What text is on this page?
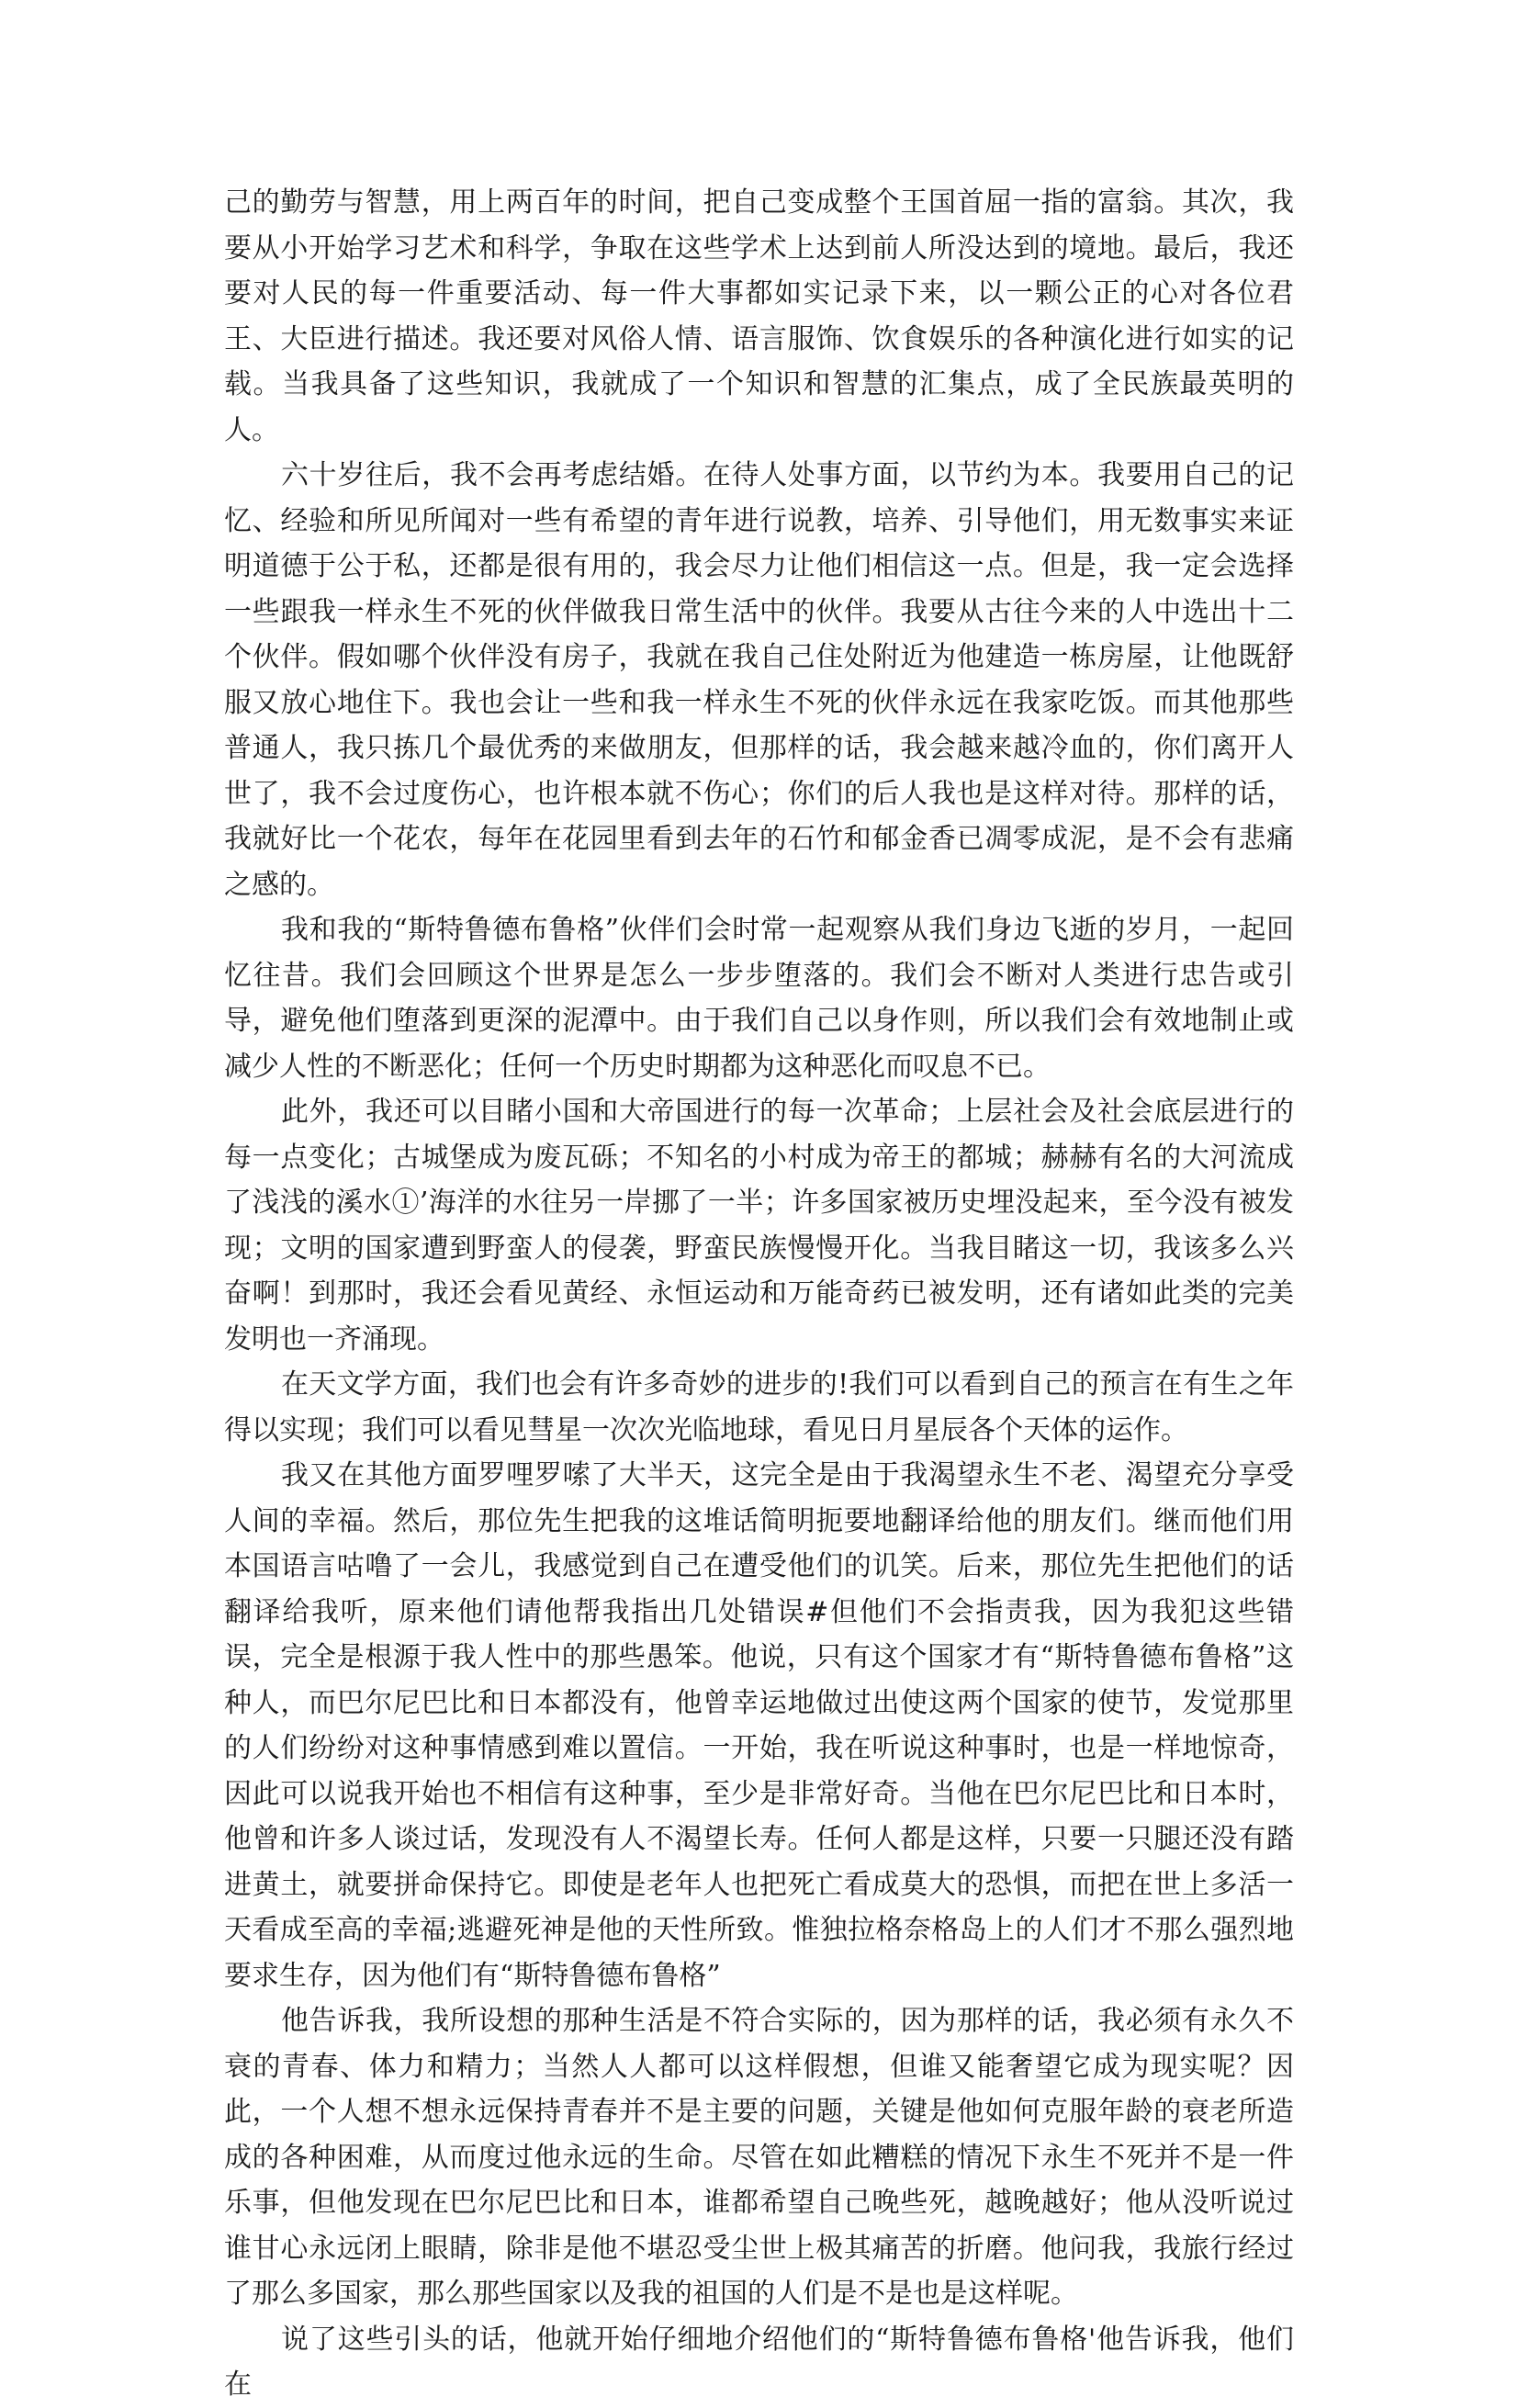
己的勤劳与智慧，用上两百年的时间，把自己变成整个王国首屈一指的富翁。其次，我要从小开始学习艺术和科学，争取在这些学术上达到前人所没达到的境地。最后，我还要对人民的每一件重要活动、每一件大事都如实记录下来，以一颗公正的心对各位君王、大臣进行描述。我还要对风俗人情、语言服饰、饮食娱乐的各种演化进行如实的记载。当我具备了这些知识，我就成了一个知识和智慧的汇集点，成了全民族最英明的人。

六十岁往后，我不会再考虑结婚。在待人处事方面，以节约为本。我要用自己的记忆、经验和所见所闻对一些有希望的青年进行说教，培养、引导他们，用无数事实来证明道德于公于私，还都是很有用的，我会尽力让他们相信这一点。但是，我一定会选择一些跟我一样永生不死的伙伴做我日常生活中的伙伴。我要从古往今来的人中选出十二个伙伴。假如哪个伙伴没有房子，我就在我自己住处附近为他建造一栋房屋，让他既舒服又放心地住下。我也会让一些和我一样永生不死的伙伴永远在我家吃饭。而其他那些普通人，我只拣几个最优秀的来做朋友，但那样的话，我会越来越冷血的，你们离开人世了，我不会过度伤心，也许根本就不伤心；你们的后人我也是这样对待。那样的话，我就好比一个花农，每年在花园里看到去年的石竹和郁金香已凋零成泥，是不会有悲痛之感的。

我和我的“斯特鲁德布鲁格”伙伴们会时常一起观察从我们身边飞逝的岁月，一起回忆往昔。我们会回顾这个世界是怎么一步步堕落的。我们会不断对人类进行忠告或引导，避免他们堕落到更深的泥潭中。由于我们自己以身作则，所以我们会有效地制止或减少人性的不断恶化；任何一个历史时期都为这种恶化而叹息不已。

此外，我还可以目睹小国和大帝国进行的每一次革命；上层社会及社会底层进行的每一点变化；古城堡成为废瓦砾；不知名的小村成为帝王的都城；赫赫有名的大河流成了浅浅的溪水①’海洋的水往另一岸挪了一半；许多国家被历史埋没起来，至今没有被发现；文明的国家遭到野蛮人的侵袭，野蛮民族慢慢开化。当我目睹这一切，我该多么兴奋啊！到那时，我还会看见黄经、永恒运动和万能奇药已被发明，还有诸如此类的完美发明也一齐涌现。

在天文学方面，我们也会有许多奇妙的进步的!我们可以看到自己的预言在有生之年得以实现；我们可以看见彗星一次次光临地球，看见日月星辰各个天体的运作。

我又在其他方面罗哩罗嗦了大半天，这完全是由于我渴望永生不老、渴望充分享受人间的幸福。然后，那位先生把我的这堆话简明扼要地翻译给他的朋友们。继而他们用本国语言咕噜了一会儿，我感觉到自己在遭受他们的讥笑。后来，那位先生把他们的话翻译给我听，原来他们请他帮我指出几处错误#但他们不会指责我，因为我犯这些错误，完全是根源于我人性中的那些愚笨。他说，只有这个国家才有“斯特鲁德布鲁格”这种人，而巴尔尼巴比和日本都没有，他曾幸运地做过出使这两个国家的使节，发觉那里的人们纷纷对这种事情感到难以置信。一开始，我在听说这种事时，也是一样地惊奇，因此可以说我开始也不相信有这种事，至少是非常好奇。当他在巴尔尼巴比和日本时，他曾和许多人谈过话，发现没有人不渴望长寿。任何人都是这样，只要一只腿还没有踏进黄土，就要拼命保持它。即使是老年人也把死亡看成莫大的恐惧，而把在世上多活一天看成至高的幸福;逃避死神是他的天性所致。惟独拉格奈格岛上的人们才不那么强烈地要求生存，因为他们有“斯特鲁德布鲁格”

他告诉我，我所设想的那种生活是不符合实际的，因为那样的话，我必须有永久不衰的青春、体力和精力；当然人人都可以这样假想，但谁又能奢望它成为现实呢？因此，一个人想不想永远保持青春并不是主要的问题，关键是他如何克服年龄的衰老所造成的各种困难，从而度过他永远的生命。尽管在如此糟糕的情况下永生不死并不是一件乐事，但他发现在巴尔尼巴比和日本，谁都希望自己晚些死，越晚越好；他从没听说过谁甘心永远闭上眼睛，除非是他不堪忍受尘世上极其痛苦的折磨。他问我，我旅行经过了那么多国家，那么那些国家以及我的祖国的人们是不是也是这样呢。

说了这些引头的话，他就开始仔细地介绍他们的“斯特鲁德布鲁格'他告诉我，他们在
